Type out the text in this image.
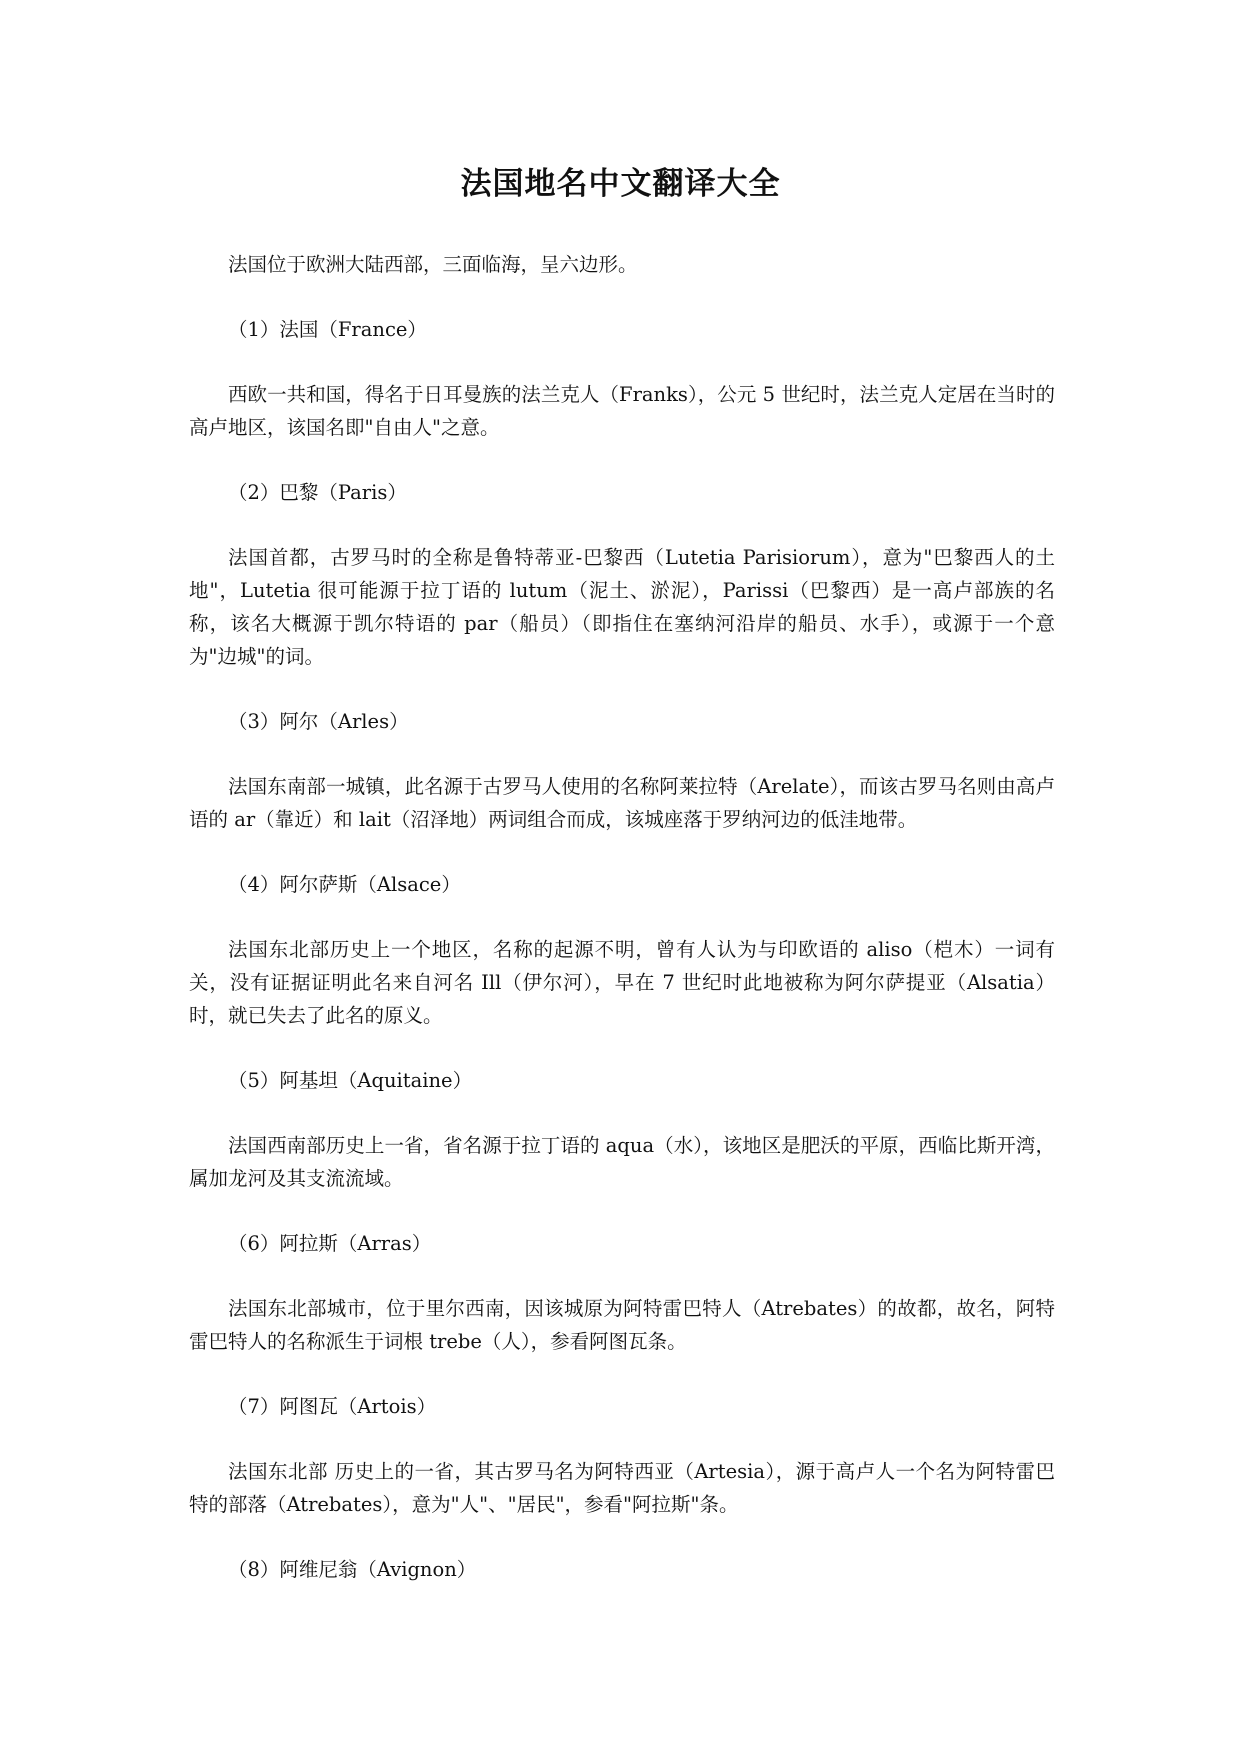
法国地名中文翻译大全

法国位于欧洲大陆西部，三面临海，呈六边形。

（1）法国（France）

西欧一共和国，得名于日耳曼族的法兰克人（Franks），公元 5 世纪时，法兰克人定居在当时的高卢地区，该国名即"自由人"之意。

（2）巴黎（Paris）

法国首都，古罗马时的全称是鲁特蒂亚-巴黎西（Lutetia Parisiorum），意为"巴黎西人的土地"，Lutetia 很可能源于拉丁语的 lutum（泥土、淤泥），Parissi（巴黎西）是一高卢部族的名称，该名大概源于凯尔特语的 par（船员）（即指住在塞纳河沿岸的船员、水手），或源于一个意为"边城"的词。

（3）阿尔（Arles）

法国东南部一城镇，此名源于古罗马人使用的名称阿莱拉特（Arelate），而该古罗马名则由高卢语的 ar（靠近）和 lait（沼泽地）两词组合而成，该城座落于罗纳河边的低洼地带。

（4）阿尔萨斯（Alsace）

法国东北部历史上一个地区，名称的起源不明，曾有人认为与印欧语的 aliso（桤木）一词有关，没有证据证明此名来自河名 Ill（伊尔河），早在 7 世纪时此地被称为阿尔萨提亚（Alsatia）时，就已失去了此名的原义。

（5）阿基坦（Aquitaine）

法国西南部历史上一省，省名源于拉丁语的 aqua（水），该地区是肥沃的平原，西临比斯开湾，属加龙河及其支流流域。

（6）阿拉斯（Arras）

法国东北部城市，位于里尔西南，因该城原为阿特雷巴特人（Atrebates）的故都，故名，阿特雷巴特人的名称派生于词根 trebe（人），参看阿图瓦条。

（7）阿图瓦（Artois）

法国东北部 历史上的一省，其古罗马名为阿特西亚（Artesia），源于高卢人一个名为阿特雷巴特的部落（Atrebates），意为"人"、"居民"，参看"阿拉斯"条。

（8）阿维尼翁（Avignon）
